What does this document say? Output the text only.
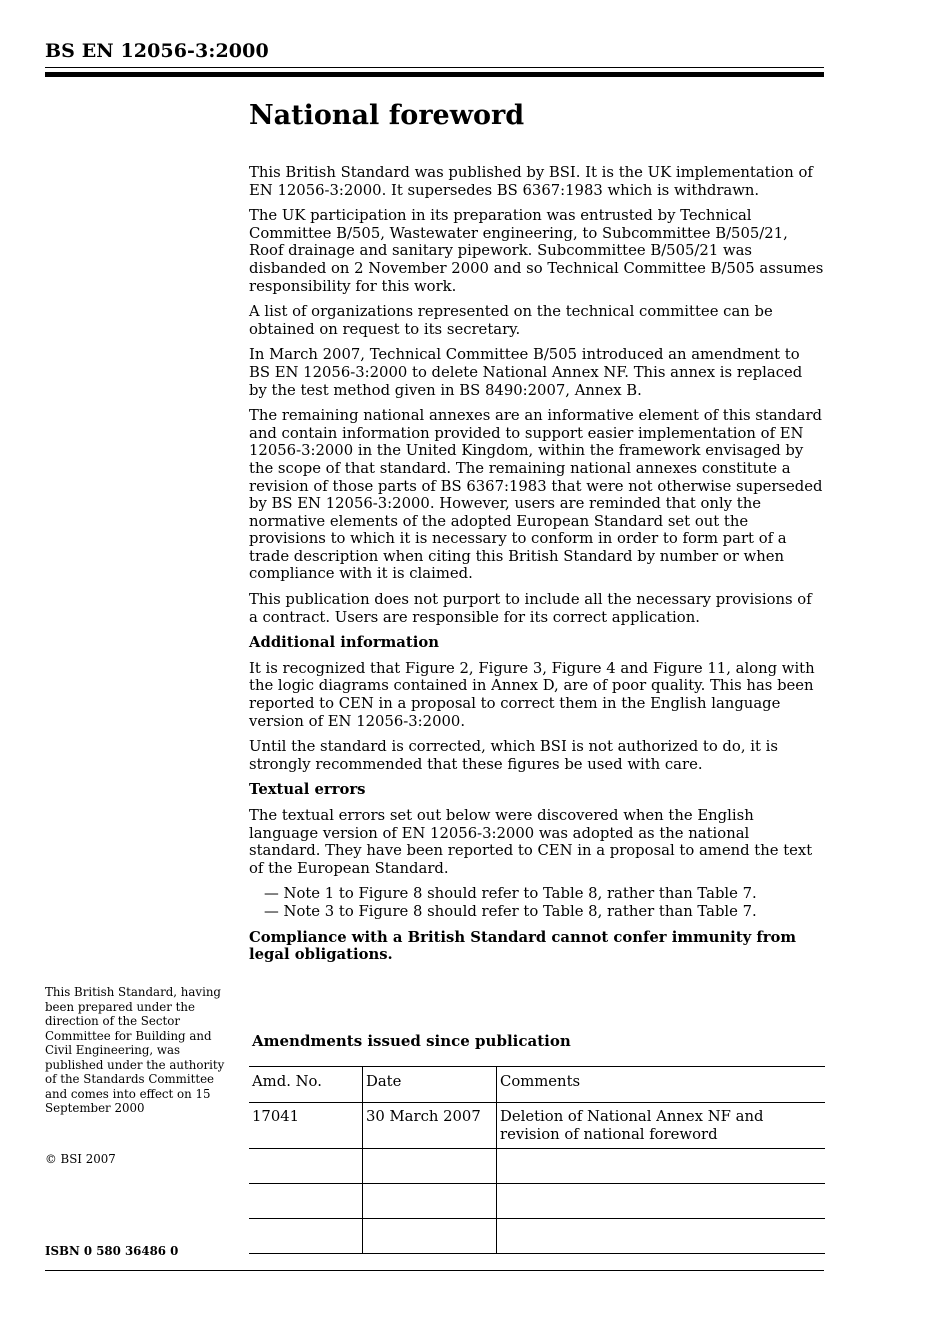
BS EN 12056-3:2000
National foreword

This British Standard was published by BSI. It is the UK implementation of EN 12056-3:2000. It supersedes BS 6367:1983 which is withdrawn.

The UK participation in its preparation was entrusted by Technical Committee B/505, Wastewater engineering, to Subcommittee B/505/21, Roof drainage and sanitary pipework. Subcommittee B/505/21 was disbanded on 2 November 2000 and so Technical Committee B/505 assumes responsibility for this work.

A list of organizations represented on the technical committee can be obtained on request to its secretary.

In March 2007, Technical Committee B/505 introduced an amendment to BS EN 12056-3:2000 to delete National Annex NF. This annex is replaced by the test method given in BS 8490:2007, Annex B.

The remaining national annexes are an informative element of this standard and contain information provided to support easier implementation of EN 12056-3:2000 in the United Kingdom, within the framework envisaged by the scope of that standard. The remaining national annexes constitute a revision of those parts of BS 6367:1983 that were not otherwise superseded by BS EN 12056-3:2000. However, users are reminded that only the normative elements of the adopted European Standard set out the provisions to which it is necessary to conform in order to form part of a trade description when citing this British Standard by number or when compliance with it is claimed.

This publication does not purport to include all the necessary provisions of a contract. Users are responsible for its correct application.

Additional information

It is recognized that Figure 2, Figure 3, Figure 4 and Figure 11, along with the logic diagrams contained in Annex D, are of poor quality. This has been reported to CEN in a proposal to correct them in the English language version of EN 12056-3:2000.

Until the standard is corrected, which BSI is not authorized to do, it is strongly recommended that these figures be used with care.

Textual errors

The textual errors set out below were discovered when the English language version of EN 12056-3:2000 was adopted as the national standard. They have been reported to CEN in a proposal to amend the text of the European Standard.

— Note 1 to Figure 8 should refer to Table 8, rather than Table 7.
— Note 3 to Figure 8 should refer to Table 8, rather than Table 7.

Compliance with a British Standard cannot confer immunity from legal obligations.

This British Standard, having been prepared under the direction of the Sector Committee for Building and Civil Engineering, was published under the authority of the Standards Committee and comes into effect on 15 September 2000
© BSI 2007
ISBN 0 580 36486 0
Amendments issued since publication
Amd. No.	Date	Comments
17041	30 March 2007	Deletion of National Annex NF and revision of national foreword
